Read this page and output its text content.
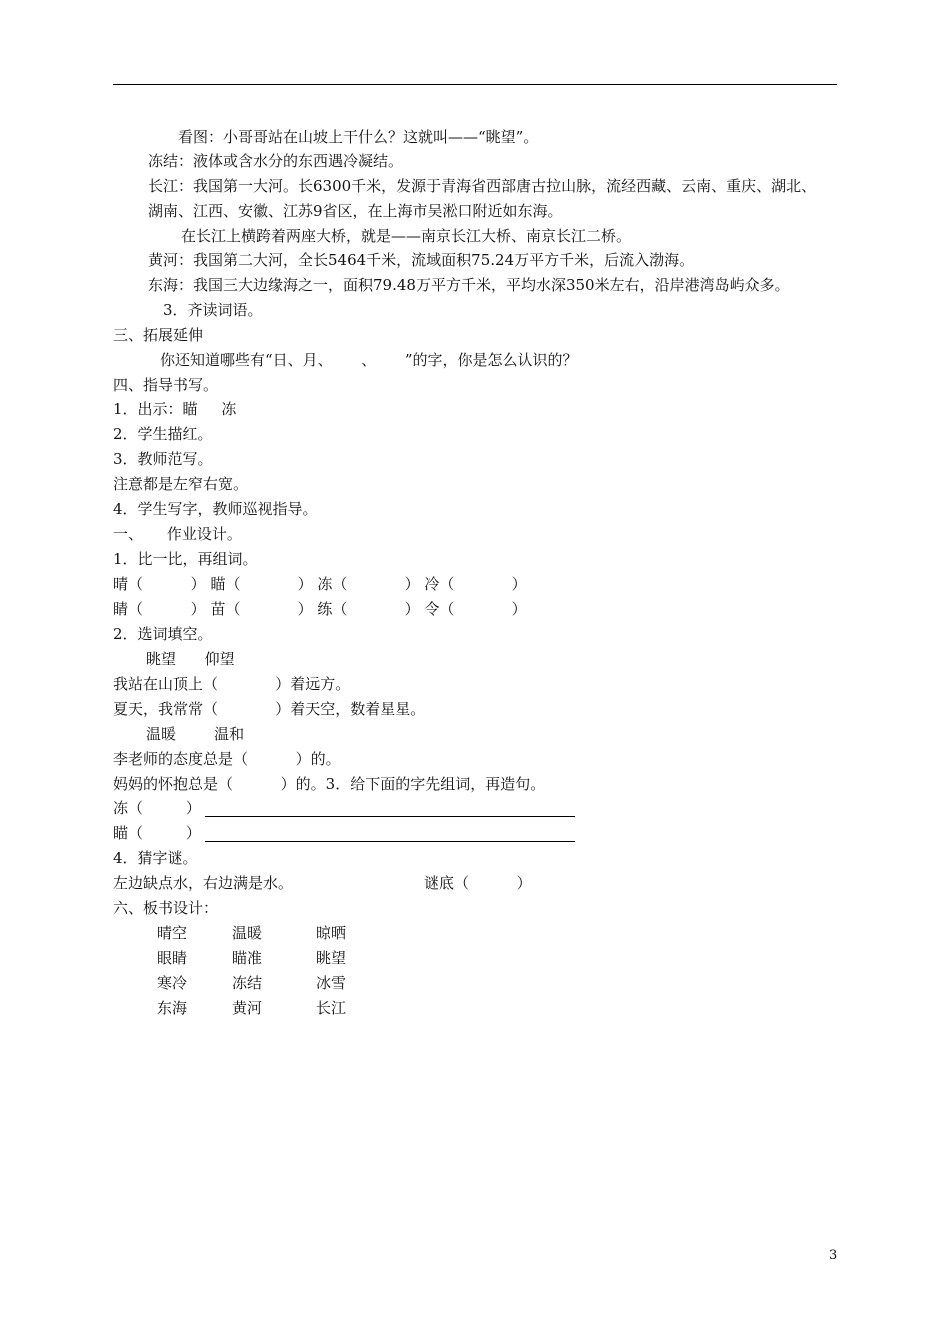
看图：小哥哥站在山坡上干什么？这就叫——“眺望”。
冻结：液体或含水分的东西遇冷凝结。
长江：我国第一大河。长6300千米，发源于青海省西部唐古拉山脉，流经西藏、云南、重庆、湖北、
湖南、江西、安徽、江苏9省区，在上海市吴淞口附近如东海。
在长江上横跨着两座大桥，就是——南京长江大桥、南京长江二桥。
黄河：我国第二大河，全长5464千米，流域面积75.24万平方千米，后流入渤海。
东海：我国三大边缘海之一，面积79.48万平方千米，平均水深350米左右，沿岸港湾岛屿众多。
3．齐读词语。
三、拓展延伸
你还知道哪些有“日、月、      、      ”的字，你是怎么认识的？
四、指导书写。
1．出示：瞄     冻
2．学生描红。
3．教师范写。
注意都是左窄右宽。
4．学生写字，教师巡视指导。
一、     作业设计。
1．比一比，再组词。
晴（          ） 瞄（            ） 冻（            ） 冷（            ）
睛（          ） 苗（            ） 练（            ） 令（            ）
2．选词填空。
眺望      仰望
我站在山顶上（            ）着远方。
夏天，我常常（            ）着天空，数着星星。
温暖        温和
李老师的态度总是（          ）的。
妈妈的怀抱总是（          ）的。3．给下面的字先组词，再造句。
冻（         ）
瞄（         ）
4．猜字谜。
左边缺点水，右边满是水。	谜底（          ）
六、板书设计：
晴空	温暖	晾晒
眼睛	瞄准	眺望
寒冷	冻结	冰雪
东海	黄河	长江
3
